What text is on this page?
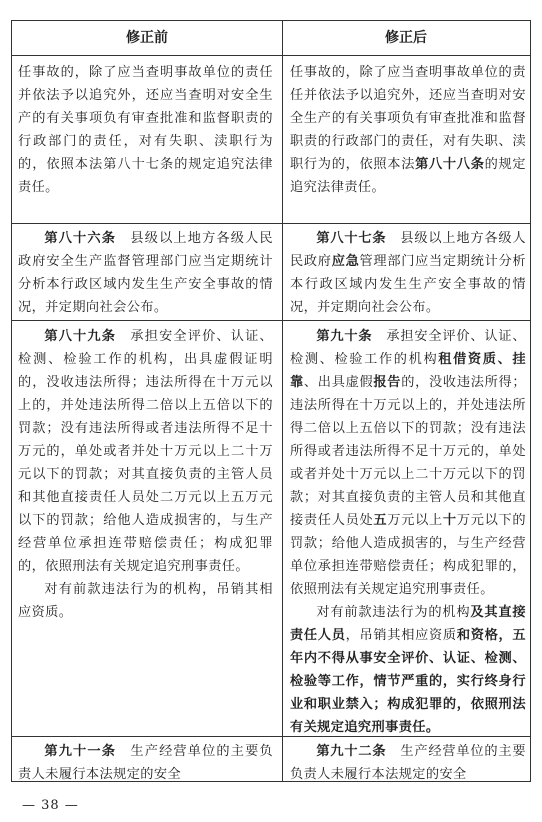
修正前	修正后
任事故的，除了应当查明事故单位的责任并依法予以追究外，还应当查明对安全生产的有关事项负有审查批准和监督职责的行政部门的责任，对有失职、渎职行为的，依照本法第八十七条的规定追究法律责任。
任事故的，除了应当查明事故单位的责任并依法予以追究外，还应当查明对安全生产的有关事项负有审查批准和监督职责的行政部门的责任，对有失职、渎职行为的，依照本法第八十八条的规定追究法律责任。
第八十六条　县级以上地方各级人民政府安全生产监督管理部门应当定期统计分析本行政区域内发生生产安全事故的情况，并定期向社会公布。
第八十七条　县级以上地方各级人民政府应急管理部门应当定期统计分析本行政区域内发生生产安全事故的情况，并定期向社会公布。
第八十九条　承担安全评价、认证、检测、检验工作的机构，出具虚假证明的，没收违法所得；违法所得在十万元以上的，并处违法所得二倍以上五倍以下的罚款；没有违法所得或者违法所得不足十万元的，单处或者并处十万元以上二十万元以下的罚款；对其直接负责的主管人员和其他直接责任人员处二万元以上五万元以下的罚款；给他人造成损害的，与生产经营单位承担连带赔偿责任；构成犯罪的，依照刑法有关规定追究刑事责任。
对有前款违法行为的机构，吊销其相应资质。
第九十条　承担安全评价、认证、检测、检验工作的机构租借资质、挂靠、出具虚假报告的，没收违法所得；违法所得在十万元以上的，并处违法所得二倍以上五倍以下的罚款；没有违法所得或者违法所得不足十万元的，单处或者并处十万元以上二十万元以下的罚款；对其直接负责的主管人员和其他直接责任人员处五万元以上十万元以下的罚款；给他人造成损害的，与生产经营单位承担连带赔偿责任；构成犯罪的，依照刑法有关规定追究刑事责任。
对有前款违法行为的机构及其直接责任人员，吊销其相应资质和资格，五年内不得从事安全评价、认证、检测、检验等工作，情节严重的，实行终身行业和职业禁入；构成犯罪的，依照刑法有关规定追究刑事责任。
第九十一条　生产经营单位的主要负责人未履行本法规定的安全
第九十二条　生产经营单位的主要负责人未履行本法规定的安全
— 38 —
